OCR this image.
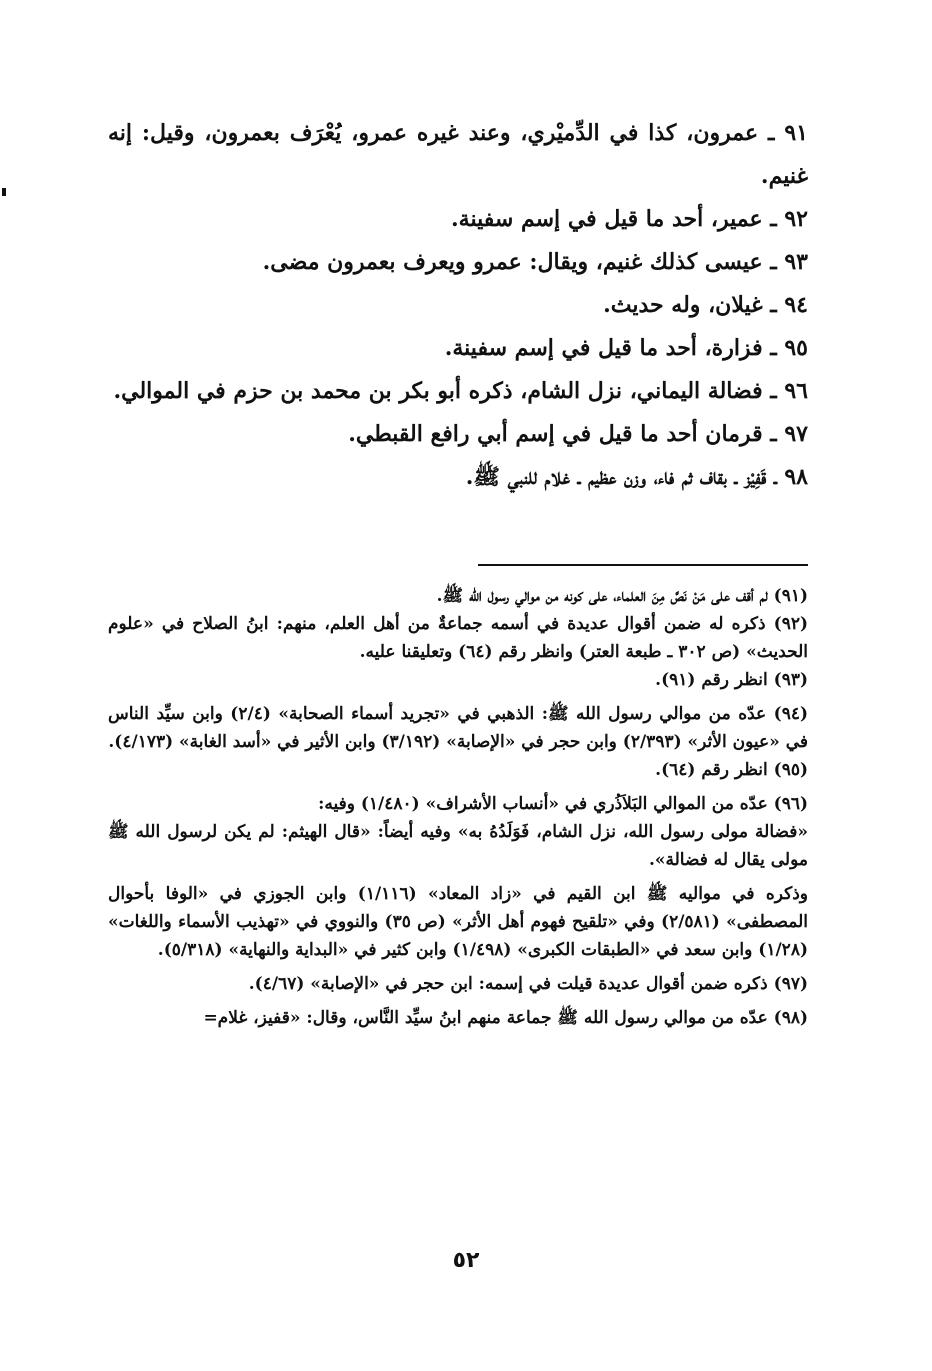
٩١ ـ عمرون، كذا في الدِّميْري، وعند غيره عمرو، يُعْرَف بعمرون، وقيل: إنه غنيم.

٩٢ ـ عمير، أحد ما قيل في إسم سفينة.

٩٣ ـ عيسى كذلك غنيم، ويقال: عمرو ويعرف بعمرون مضى.

٩٤ ـ غيلان، وله حديث.

٩٥ ـ فزارة، أحد ما قيل في إسم سفينة.

٩٦ ـ فضالة اليماني، نزل الشام، ذكره أبو بكر بن محمد بن حزم في الموالي.

٩٧ ـ قرمان أحد ما قيل في إسم أبي رافع القبطي.

٩٨ ـ قَفِيْز ـ بقاف ثم فاء، وزن عظيم ـ غلام للنبي ﷺ.

(٩١) لم أقف على مَنْ نَصَّ مِنَ العلماء، على كونه من موالي رسول الله ﷺ.

(٩٢) ذكره له ضمن أقوال عديدة في أسمه جماعةٌ من أهل العلم، منهم: ابنُ الصلاح في «علوم الحديث» (ص ٣٠٢ ـ طبعة العتر) وانظر رقم (٦٤) وتعليقنا عليه.

(٩٣) انظر رقم (٩١).

(٩٤) عدّه من موالي رسول الله ﷺ: الذهبي في «تجريد أسماء الصحابة» (٢/٤) وابن سيِّد الناس في «عيون الأثر» (٢/٣٩٣) وابن حجر في «الإصابة» (٣/١٩٢) وابن الأثير في «أسد الغابة» (٤/١٧٣).

(٩٥) انظر رقم (٦٤).

(٩٦) عدّه من الموالي البَلاَذُري في «أنساب الأشراف» (١/٤٨٠) وفيه:

«فضالة مولى رسول الله، نزل الشام، فَوَلَدُهُ به» وفيه أيضاً: «قال الهيثم: لم يكن لرسول الله ﷺ مولى يقال له فضالة».

وذكره في مواليه ﷺ ابن القيم في «زاد المعاد» (١/١١٦) وابن الجوزي في «الوفا بأحوال المصطفى» (٢/٥٨١) وفي «تلقيح فهوم أهل الأثر» (ص ٣٥) والنووي في «تهذيب الأسماء واللغات» (١/٢٨) وابن سعد في «الطبقات الكبرى» (١/٤٩٨) وابن كثير في «البداية والنهاية» (٥/٣١٨).

(٩٧) ذكره ضمن أقوال عديدة قيلت في إسمه: ابن حجر في «الإصابة» (٤/٦٧).

(٩٨) عدّه من موالي رسول الله ﷺ جماعة منهم ابنُ سيِّد النَّاس، وقال: «قفيز، غلام=

٥٢
